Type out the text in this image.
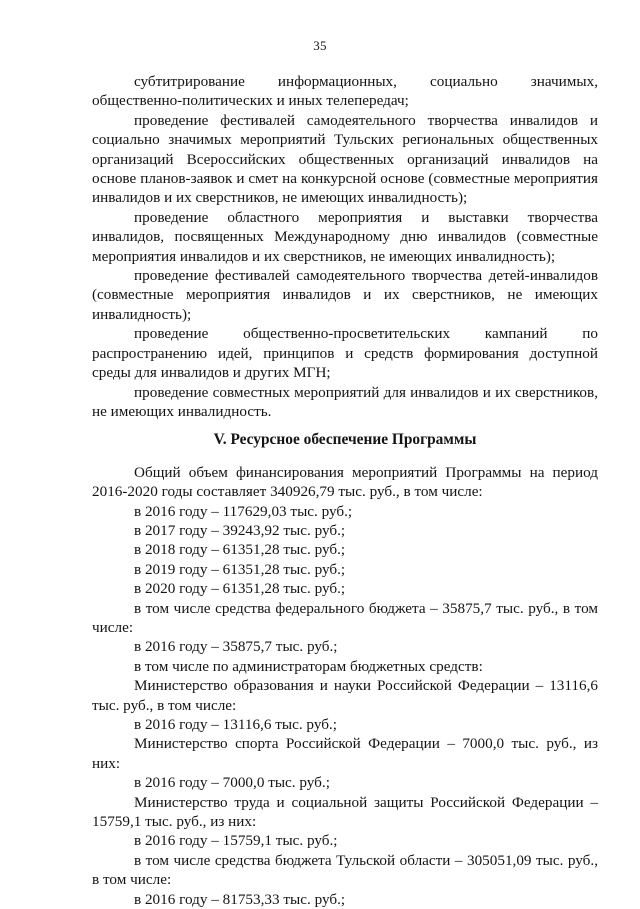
35

субтитрирование информационных, социально значимых, общественно-политических и иных телепередач;

проведение фестивалей самодеятельного творчества инвалидов и социально значимых мероприятий Тульских региональных общественных организаций Всероссийских общественных организаций инвалидов на основе планов-заявок и смет на конкурсной основе (совместные мероприятия инвалидов и их сверстников, не имеющих инвалидность);

проведение областного мероприятия и выставки творчества инвалидов, посвященных Международному дню инвалидов (совместные мероприятия инвалидов и их сверстников, не имеющих инвалидность);

проведение фестивалей самодеятельного творчества детей-инвалидов (совместные мероприятия инвалидов и их сверстников, не имеющих инвалидность);

проведение общественно-просветительских кампаний по распространению идей, принципов и средств формирования доступной среды для инвалидов и других МГН;

проведение совместных мероприятий для инвалидов и их сверстников, не имеющих инвалидность.

V. Ресурсное обеспечение Программы

Общий объем финансирования мероприятий Программы на период 2016-2020 годы составляет 340926,79 тыс. руб., в том числе:

в 2016 году – 117629,03 тыс. руб.;

в 2017 году – 39243,92 тыс. руб.;

в 2018 году – 61351,28 тыс. руб.;

в 2019 году – 61351,28 тыс. руб.;

в 2020 году – 61351,28 тыс. руб.;

в том числе средства федерального бюджета – 35875,7 тыс. руб., в том числе:

в 2016 году – 35875,7 тыс. руб.;

в том числе по администраторам бюджетных средств:

Министерство образования и науки Российской Федерации – 13116,6 тыс. руб., в том числе:

в 2016 году – 13116,6 тыс. руб.;

Министерство спорта Российской Федерации – 7000,0 тыс. руб., из них:

в 2016 году – 7000,0 тыс. руб.;

Министерство труда и социальной защиты Российской Федерации – 15759,1 тыс. руб., из них:

в 2016 году – 15759,1 тыс. руб.;

в том числе средства бюджета Тульской области – 305051,09 тыс. руб., в том числе:

в 2016 году – 81753,33 тыс. руб.;
